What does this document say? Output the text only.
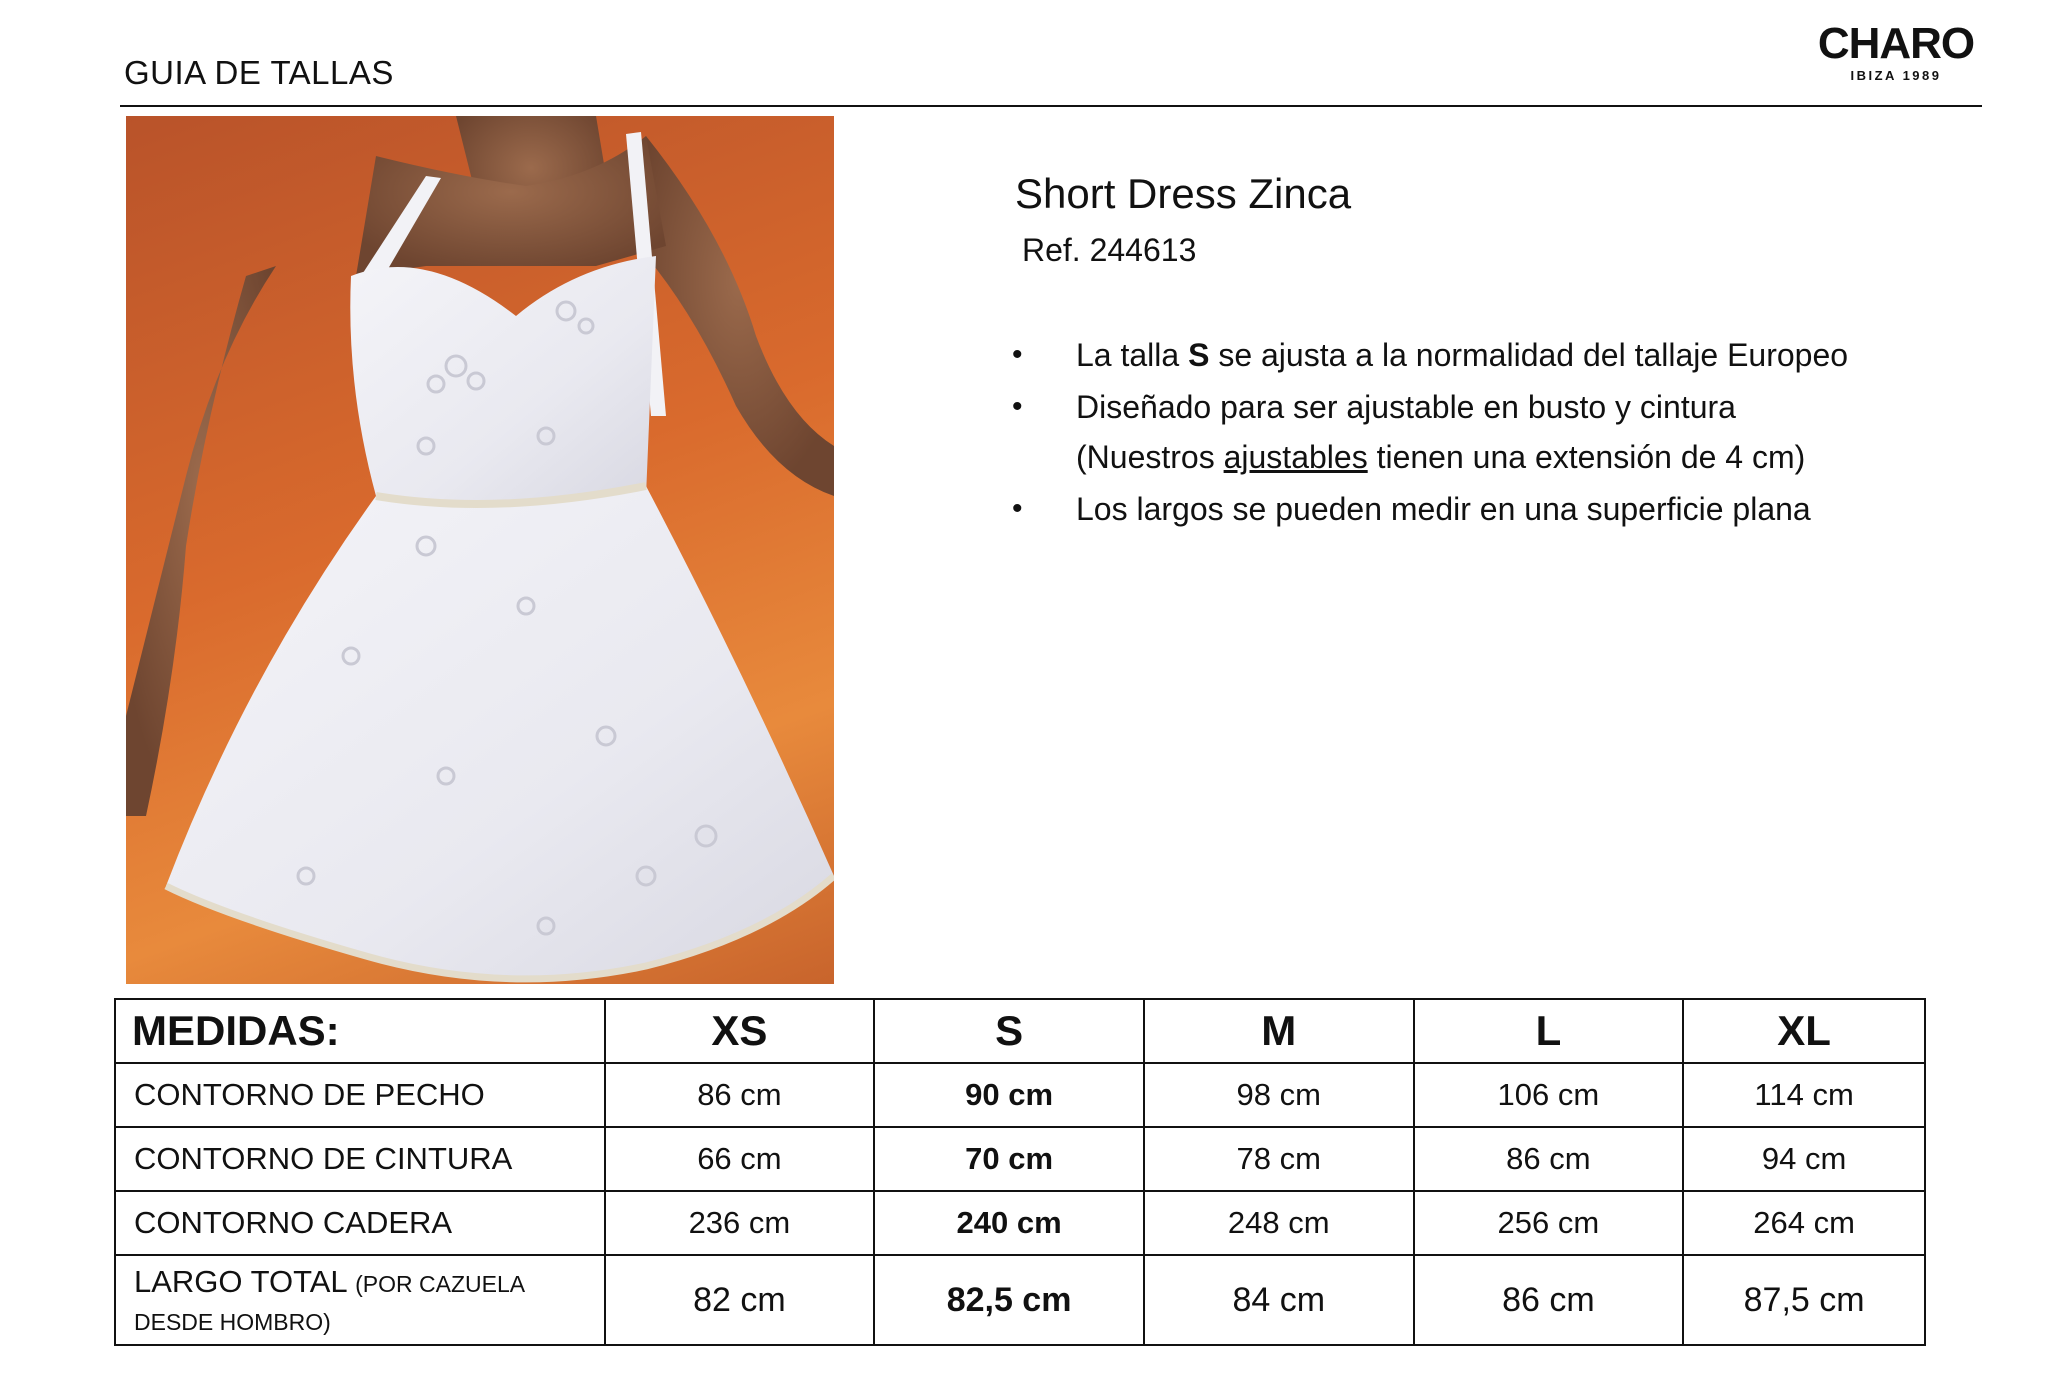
GUIA DE TALLAS
CHARO
IBIZA 1989
Short Dress Zinca
Ref. 244613
• La talla S se ajusta a la normalidad del tallaje Europeo
• Diseñado para ser ajustable en busto y cintura
(Nuestros ajustables tienen una extensión de 4 cm)
• Los largos se pueden medir en una superficie plana
MEDIDAS:	XS	S	M	L	XL
CONTORNO DE PECHO	86 cm	90 cm	98 cm	106 cm	114 cm
CONTORNO DE CINTURA	66 cm	70 cm	78 cm	86 cm	94 cm
CONTORNO CADERA	236 cm	240 cm	248 cm	256 cm	264 cm
LARGO TOTAL (POR CAZUELA DESDE HOMBRO)	82 cm	82,5 cm	84 cm	86 cm	87,5 cm
